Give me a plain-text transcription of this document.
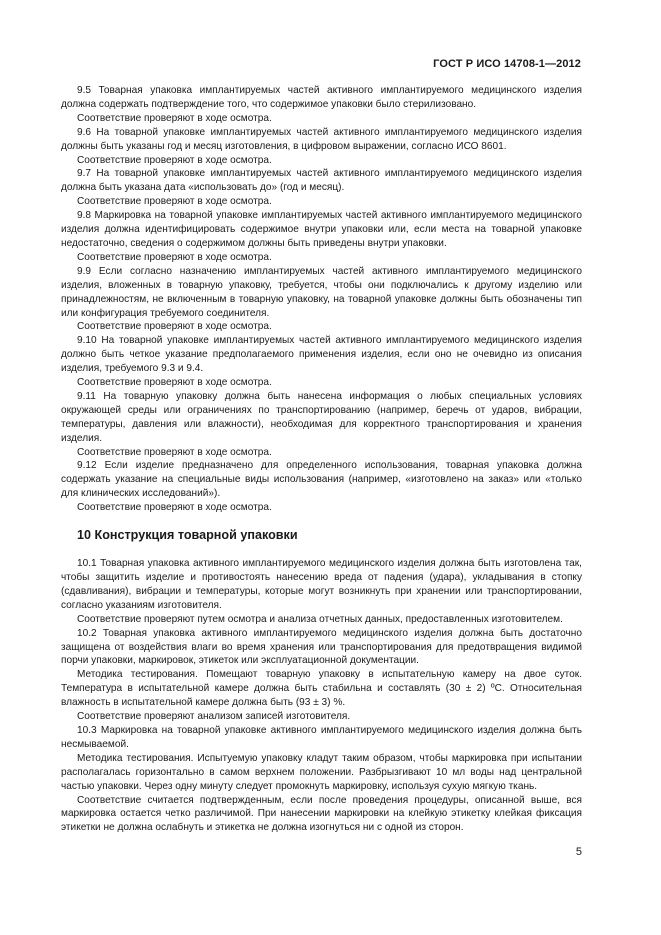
ГОСТ Р ИСО 14708-1—2012

9.5 Товарная упаковка имплантируемых частей активного имплантируемого медицинского изделия должна содержать подтверждение того, что содержимое упаковки было стерилизовано.

Соответствие проверяют в ходе осмотра.

9.6 На товарной упаковке имплантируемых частей активного имплантируемого медицинского изделия должны быть указаны год и месяц изготовления, в цифровом выражении, согласно ИСО 8601.

Соответствие проверяют в ходе осмотра.

9.7 На товарной упаковке имплантируемых частей активного имплантируемого медицинского изделия должна быть указана дата «использовать до» (год и месяц).

Соответствие проверяют в ходе осмотра.

9.8 Маркировка на товарной упаковке имплантируемых частей активного имплантируемого медицинского изделия должна идентифицировать содержимое внутри упаковки или, если места на товарной упаковке недостаточно, сведения о содержимом должны быть приведены внутри упаковки.

Соответствие проверяют в ходе осмотра.

9.9 Если согласно назначению имплантируемых частей активного имплантируемого медицинского изделия, вложенных в товарную упаковку, требуется, чтобы они подключались к другому изделию или принадлежностям, не включенным в товарную упаковку, на товарной упаковке должны быть обозначены тип или конфигурация требуемого соединителя.

Соответствие проверяют в ходе осмотра.

9.10 На товарной упаковке имплантируемых частей активного имплантируемого медицинского изделия должно быть четкое указание предполагаемого применения изделия, если оно не очевидно из описания изделия, требуемого 9.3 и 9.4.

Соответствие проверяют в ходе осмотра.

9.11 На товарную упаковку должна быть нанесена информация о любых специальных условиях окружающей среды или ограничениях по транспортированию (например, беречь от ударов, вибрации, температуры, давления или влажности), необходимая для корректного транспортирования и хранения изделия.

Соответствие проверяют в ходе осмотра.

9.12 Если изделие предназначено для определенного использования, товарная упаковка должна содержать указание на специальные виды использования (например, «изготовлено на заказ» или «только для клинических исследований»).

Соответствие проверяют в ходе осмотра.

10 Конструкция товарной упаковки

10.1 Товарная упаковка активного имплантируемого медицинского изделия должна быть изготовлена так, чтобы защитить изделие и противостоять нанесению вреда от падения (удара), укладывания в стопку (сдавливания), вибрации и температуры, которые могут возникнуть при хранении или транспортировании, согласно указаниям изготовителя.

Соответствие проверяют путем осмотра и анализа отчетных данных, предоставленных изготовителем.

10.2 Товарная упаковка активного имплантируемого медицинского изделия должна быть достаточно защищена от воздействия влаги во время хранения или транспортирования для предотвращения видимой порчи упаковки, маркировок, этикеток или эксплуатационной документации.

Методика тестирования. Помещают товарную упаковку в испытательную камеру на двое суток. Температура в испытательной камере должна быть стабильна и составлять (30 ± 2) ºС. Относительная влажность в испытательной камере должна быть (93 ± 3) %.

Соответствие проверяют анализом записей изготовителя.

10.3 Маркировка на товарной упаковке активного имплантируемого медицинского изделия должна быть несмываемой.

Методика тестирования. Испытуемую упаковку кладут таким образом, чтобы маркировка при испытании располагалась горизонтально в самом верхнем положении. Разбрызгивают 10 мл воды над центральной частью упаковки. Через одну минуту следует промокнуть маркировку, используя сухую мягкую ткань.

Соответствие считается подтвержденным, если после проведения процедуры, описанной выше, вся маркировка остается четко различимой. При нанесении маркировки на клейкую этикетку клейкая фиксация этикетки не должна ослабнуть и этикетка не должна изогнуться ни с одной из сторон.

5
